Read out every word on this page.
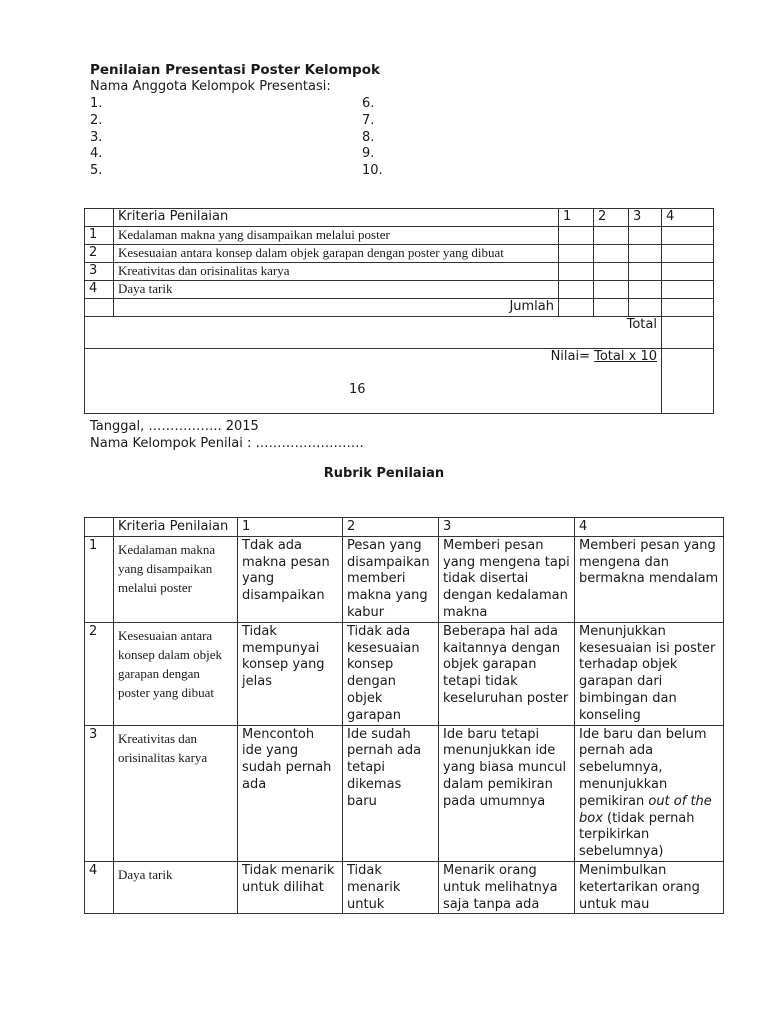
Penilaian Presentasi Poster Kelompok
Nama Anggota Kelompok Presentasi:
1.
2.
3.
4.
5.
6.
7.
8.
9.
10.
	Kriteria Penilaian	1	2	3	4
1	Kedalaman makna yang disampaikan melalui poster				
2	Kesesuaian antara konsep dalam objek garapan dengan poster yang dibuat				
3	Kreativitas dan orisinalitas karya				
4	Daya tarik				
	Jumlah				
Total					
Nilai= Total x 10
16					

Tanggal, …………….. 2015
Nama Kelompok Penilai : …………………….
Rubrik Penilaian
	Kriteria Penilaian	1	2	3	4
1	Kedalaman makna yang disampaikan melalui poster	Tdak ada makna pesan yang disampaikan	Pesan yang disampaikan memberi makna yang kabur	Memberi pesan yang mengena tapi tidak disertai dengan kedalaman makna	Memberi pesan yang mengena dan bermakna mendalam
2	Kesesuaian antara konsep dalam objek garapan dengan poster yang dibuat	Tidak mempunyai konsep yang jelas	Tidak ada kesesuaian konsep dengan objek garapan	Beberapa hal ada kaitannya dengan objek garapan tetapi tidak keseluruhan poster	Menunjukkan kesesuaian isi poster terhadap objek garapan dari bimbingan dan konseling
3	Kreativitas dan orisinalitas karya	Mencontoh ide yang sudah pernah ada	Ide sudah pernah ada tetapi dikemas baru	Ide baru tetapi menunjukkan ide yang biasa muncul dalam pemikiran pada umumnya	Ide baru dan belum pernah ada sebelumnya, menunjukkan pemikiran out of the box (tidak pernah terpikirkan sebelumnya)
4	Daya tarik	Tidak menarik untuk dilihat	Tidak menarik untuk	Menarik orang untuk melihatnya saja tanpa ada	Menimbulkan ketertarikan orang untuk mau
